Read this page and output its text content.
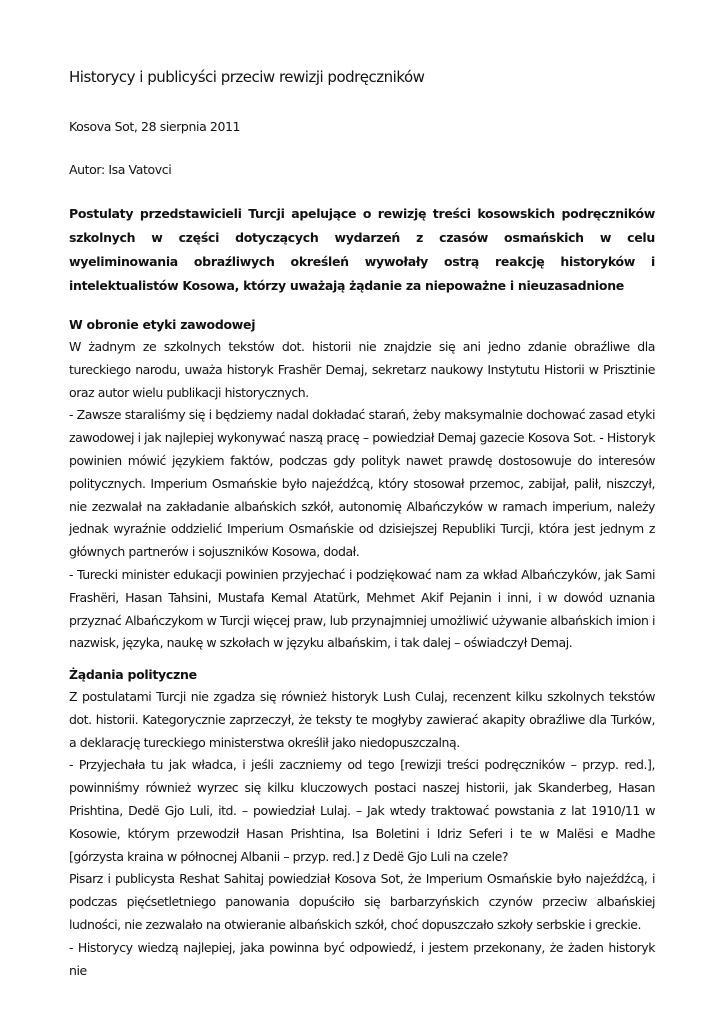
Historycy i publicyści przeciw rewizji podręczników

Kosova Sot, 28 sierpnia 2011

Autor: Isa Vatovci

Postulaty przedstawicieli Turcji apelujące o rewizję treści kosowskich podręczników szkolnych w części dotyczących wydarzeń z czasów osmańskich w celu wyeliminowania obraźliwych określeń wywołały ostrą reakcję historyków i intelektualistów Kosowa, którzy uważają żądanie za niepoważne i nieuzasadnione

W obronie etyki zawodowej

W żadnym ze szkolnych tekstów dot. historii nie znajdzie się ani jedno zdanie obraźliwe dla tureckiego narodu, uważa historyk Frashër Demaj, sekretarz naukowy Instytutu Historii w Prisztinie oraz autor wielu publikacji historycznych.

- Zawsze staraliśmy się i będziemy nadal dokładać starań, żeby maksymalnie dochować zasad etyki zawodowej i jak najlepiej wykonywać naszą pracę – powiedział Demaj gazecie Kosova Sot. - Historyk powinien mówić językiem faktów, podczas gdy polityk nawet prawdę dostosowuje do interesów politycznych. Imperium Osmańskie było najeźdźcą, który stosował przemoc, zabijał, palił, niszczył, nie zezwalał na zakładanie albańskich szkół, autonomię Albańczyków w ramach imperium, należy jednak wyraźnie oddzielić Imperium Osmańskie od dzisiejszej Republiki Turcji, która jest jednym z głównych partnerów i sojuszników Kosowa, dodał.

- Turecki minister edukacji powinien przyjechać i podziękować nam za wkład Albańczyków, jak Sami Frashëri, Hasan Tahsini, Mustafa Kemal Atatürk, Mehmet Akif Pejanin i inni, i w dowód uznania przyznać Albańczykom w Turcji więcej praw, lub przynajmniej umożliwić używanie albańskich imion i nazwisk, języka, naukę w szkołach w języku albańskim, i tak dalej – oświadczył Demaj.

Żądania polityczne

Z postulatami Turcji nie zgadza się również historyk Lush Culaj, recenzent kilku szkolnych tekstów dot. historii. Kategorycznie zaprzeczył, że teksty te mogłyby zawierać akapity obraźliwe dla Turków, a deklarację tureckiego ministerstwa określił jako niedopuszczalną.

- Przyjechała tu jak władca, i jeśli zaczniemy od tego [rewizji treści podręczników – przyp. red.], powinniśmy również wyrzec się kilku kluczowych postaci naszej historii, jak Skanderbeg, Hasan Prishtina, Dedë Gjo Luli, itd. – powiedział Lulaj. – Jak wtedy traktować powstania z lat 1910/11 w Kosowie, którym przewodził Hasan Prishtina, Isa Boletini i Idriz Seferi i te w Malësi e Madhe [górzysta kraina w północnej Albanii – przyp. red.] z Dedë Gjo Luli na czele?

Pisarz i publicysta Reshat Sahitaj powiedział Kosova Sot, że Imperium Osmańskie było najeźdźcą, i podczas pięćsetletniego panowania dopuściło się barbarzyńskich czynów przeciw albańskiej ludności, nie zezwalało na otwieranie albańskich szkół, choć dopuszczało szkoły serbskie i greckie.

- Historycy wiedzą najlepiej, jaka powinna być odpowiedź, i jestem przekonany, że żaden historyk nie
